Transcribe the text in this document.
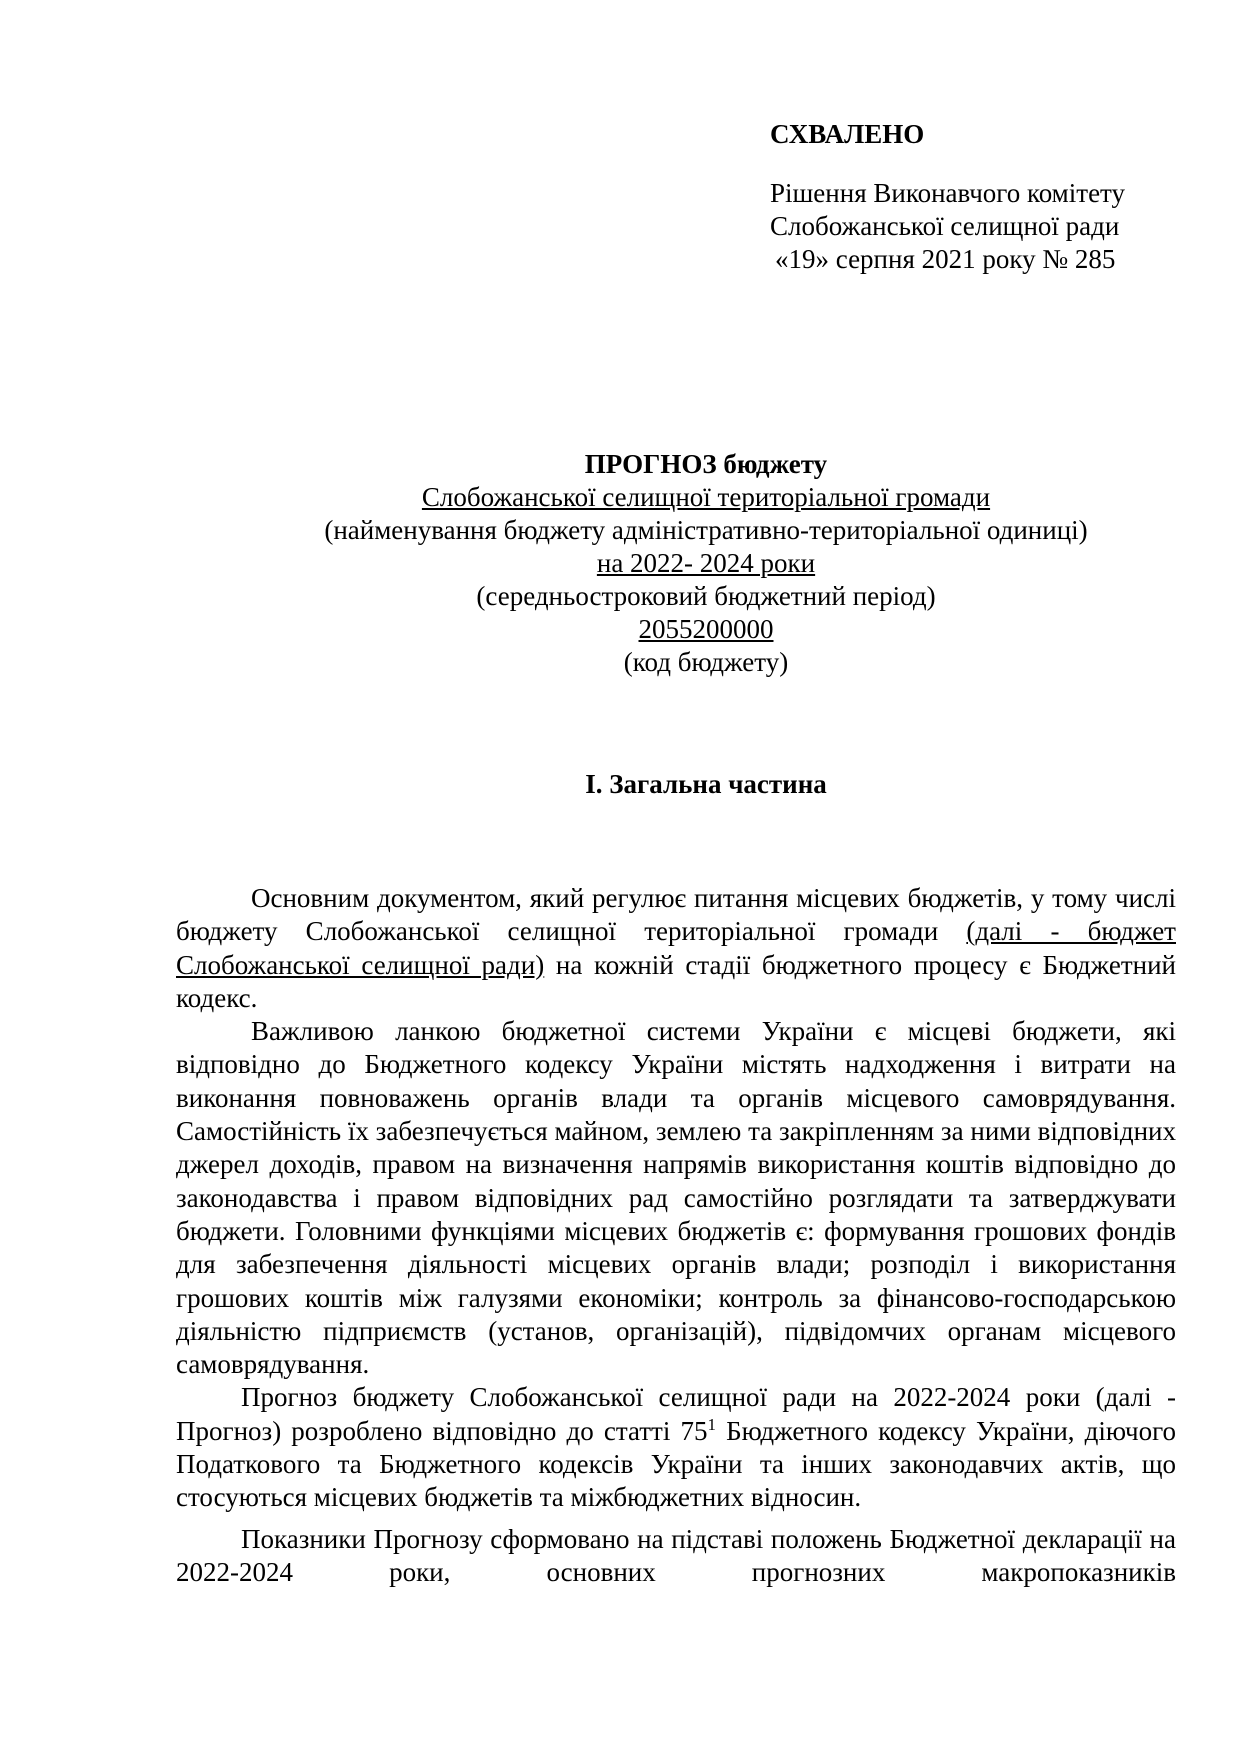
СХВАЛЕНО
Рішення Виконавчого комітету
Слобожанської селищної ради
«19» серпня 2021 року № 285
ПРОГНОЗ бюджету
Слобожанської селищної територіальної громади
(найменування бюджету адміністративно-територіальної одиниці)
на 2022- 2024 роки
(середньостроковий бюджетний період)
2055200000
(код бюджету)
I. Загальна частина

Основним документом, який регулює питання місцевих бюджетів, у тому числі бюджету Слобожанської селищної територіальної громади (далі - бюджет Слобожанської селищної ради) на кожній стадії бюджетного процесу є Бюджетний кодекс.

Важливою ланкою бюджетної системи України є місцеві бюджети, які відповідно до Бюджетного кодексу України містять надходження і витрати на виконання повноважень органів влади та органів місцевого самоврядування. Самостійність їх забезпечується майном, землею та закріпленням за ними відповідних джерел доходів, правом на визначення напрямів використання коштів відповідно до законодавства і правом відповідних рад самостійно розглядати та затверджувати бюджети. Головними функціями місцевих бюджетів є: формування грошових фондів для забезпечення діяльності місцевих органів влади; розподіл і використання грошових коштів між галузями економіки; контроль за фінансово-господарською діяльністю підприємств (установ, організацій), підвідомчих органам місцевого самоврядування.

Прогноз бюджету Слобожанської селищної ради на 2022-2024 роки (далі - Прогноз) розроблено відповідно до статті $75^1$ Бюджетного кодексу України, діючого Податкового та Бюджетного кодексів України та інших законодавчих актів, що стосуються місцевих бюджетів та міжбюджетних відносин.

Показники Прогнозу сформовано на підставі положень Бюджетної декларації на 2022-2024 роки, основних прогнозних макропоказників
